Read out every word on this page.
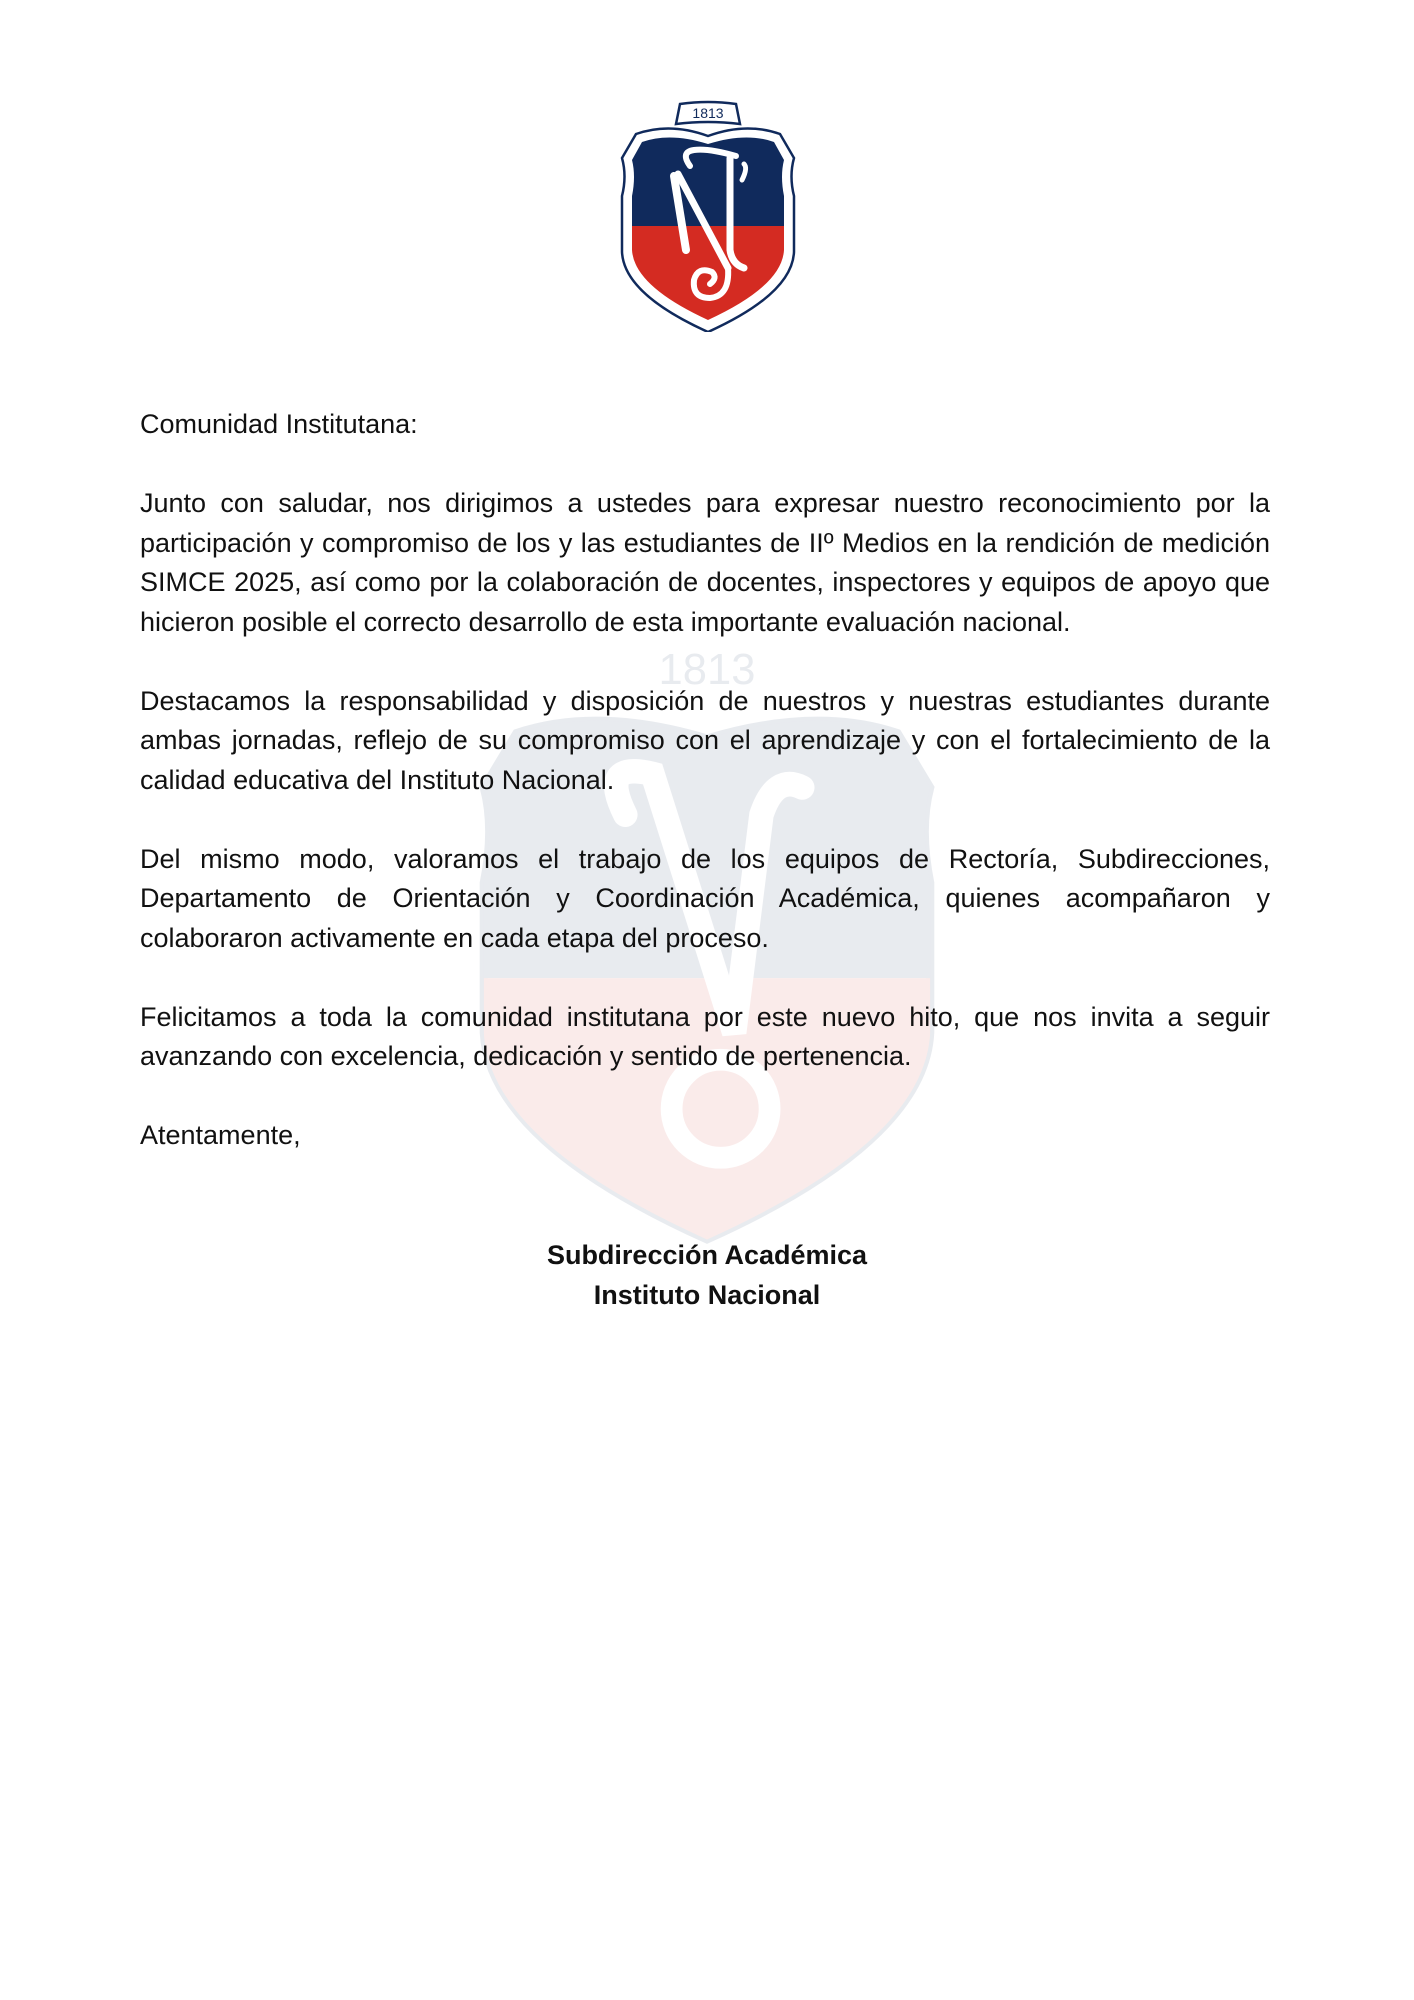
1813
1813

Comunidad Institutana:

Junto con saludar, nos dirigimos a ustedes para expresar nuestro reconocimiento por la participación y compromiso de los y las estudiantes de IIº Medios en la rendición de medición SIMCE 2025, así como por la colaboración de docentes, inspectores y equipos de apoyo que hicieron posible el correcto desarrollo de esta importante evaluación nacional.

Destacamos la responsabilidad y disposición de nuestros y nuestras estudiantes durante ambas jornadas, reflejo de su compromiso con el aprendizaje y con el fortalecimiento de la calidad educativa del Instituto Nacional.

Del mismo modo, valoramos el trabajo de los equipos de Rectoría, Subdirecciones, Departamento de Orientación y Coordinación Académica, quienes acompañaron y colaboraron activamente en cada etapa del proceso.

Felicitamos a toda la comunidad institutana por este nuevo hito, que nos invita a seguir avanzando con excelencia, dedicación y sentido de pertenencia.

Atentamente,

Subdirección Académica
Instituto Nacional
